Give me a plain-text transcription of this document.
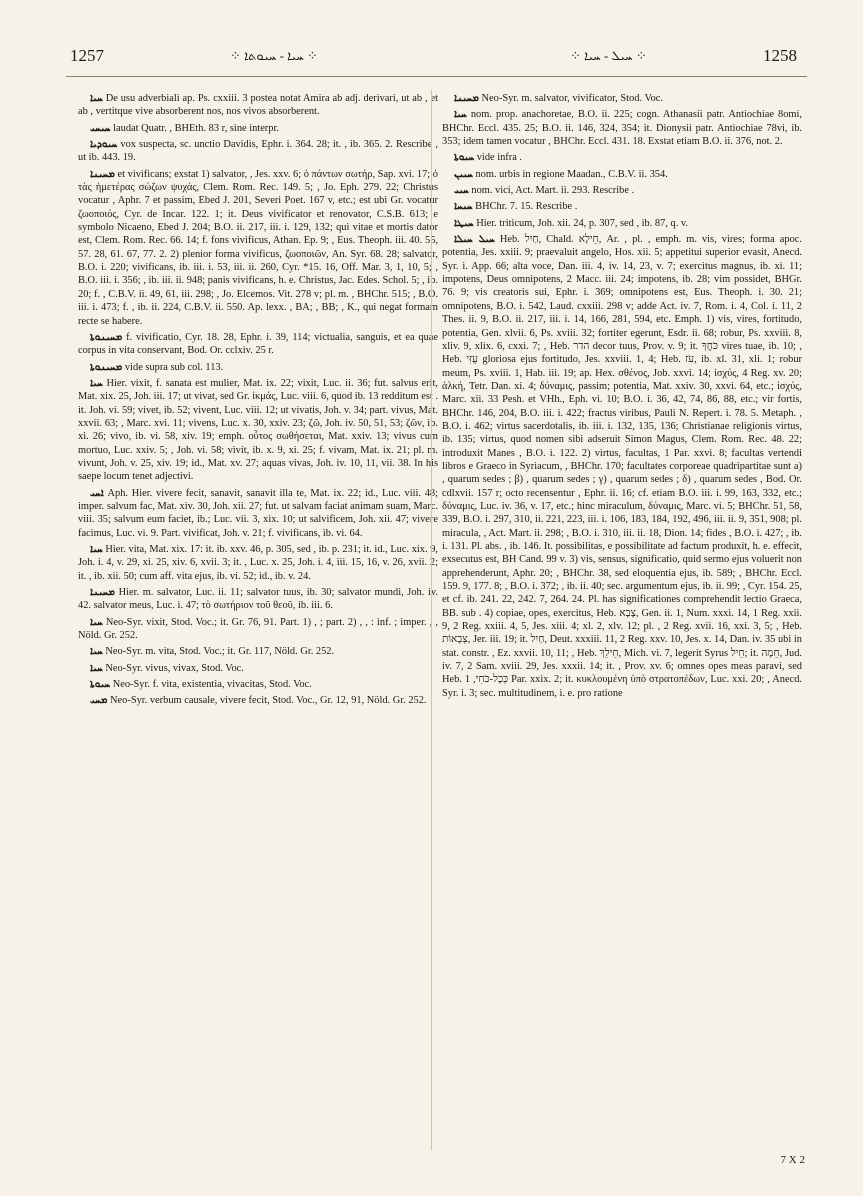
1257	⁘ ܚܝܐ - ܚܝܘܬܐ ⁘	⁘ ܚܝܠ - ܚܝܐ ⁘	1258

ܚܝܐ De usu adverbiali ap. Ps. cxxiii. 3 postea notat Amira ab adj. derivari, ut ab , et ab , vertitque vive absorberent nos, nos vivos absorberent.

ܚܝܚܝ laudat Quatr. , BHEth. 83 r, sine interpr.

ܚܝܘܕܝܐ vox suspecta, sc. unctio Davidis, Ephr. i. 364. 28; it. , ib. 365. 2. Rescribe , ut ib. 443. 19.

ܡܚܝܢܐ et vivificans; exstat 1) salvator, , Jes. xxv. 6; ὁ πάντων σωτήρ, Sap. xvi. 17; ὁ τὰς ἡμετέρας σώζων ψυχάς, Clem. Rom. Rec. 149. 5; , Jo. Eph. 279. 22; Christus vocatur , Aphr. 7 et passim, Ebed J. 201, Severi Poet. 167 v, etc.; est ubi Gr. vocatur ζωοποιός, Cyr. de Incar. 122. 1; it. Deus vivificator et renovator, C.S.B. 613; e symbolo Nicaeno, Ebed J. 204; B.O. ii. 217, iii. i. 129, 132; qui vitae et mortis dator est, Clem. Rom. Rec. 66. 14; f. fons vivificus, Athan. Ep. 9; , Eus. Theoph. iii. 40. 55, 57. 28, 61. 67, 77. 2. 2) plenior forma vivificus, ζωοποιῶν, An. Syr. 68. 28; salvator, B.O. i. 220; vivificans, ib. iii. i. 53, iii. ii. 260, Cyr. *15. 16, Off. Mar. 3, 1, 10, 5; , B.O. iii. i. 356; , ib. iii. ii. 948; panis vivificans, h. e. Christus, Jac. Edes. Schol. 5; , ib. 20; f. , C.B.V. ii. 49, 61, iii. 298; , Jo. Elcemos. Vit. 278 v; pl. m. , BHChr. 515; , B.O. iii. i. 473; f. , ib. ii. 224, C.B.V. ii. 550. Ap. lexx. , BA; , BB; , K., qui negat formam recte se habere.

ܡܚܝܢܘܬܐ f. vivificatio, Cyr. 18. 28, Ephr. i. 39, 114; victualia, sanguis, et ea quae corpus in vita conservant, Bod. Or. cclxiv. 25 r.

ܡܚܝܢܘܬܐ vide supra sub col. 113.

ܚܝܐ Hier. vixit, f. sanata est mulier, Mat. ix. 22; vixit, Luc. ii. 36; fut. salvus erit, Mat. xix. 25, Joh. iii. 17; ut vivat, sed Gr. ἰκμάς, Luc. viii. 6, quod ib. 13 redditum est . it. Joh. vi. 59; vivet, ib. 52; vivent, Luc. viii. 12; ut vivatis, Joh. v. 34; part. vivus, Mat. xxvii. 63; , Marc. xvi. 11; vivens, Luc. x. 30, xxiv. 23; ζῶ, Joh. iv. 50, 51, 53; ζῶν, ib. xi. 26; vivo, ib. vi. 58, xiv. 19; emph. οὗτος σωθήσεται, Mat. xxiv. 13; vivus cum mortuo, Luc. xxiv. 5; , Joh. vi. 58; vivit, ib. x. 9, xi. 25; f. vivam, Mat. ix. 21; pl. m. vivunt, Joh. v. 25, xiv. 19; id., Mat. xv. 27; aquas vivas, Joh. iv. 10, 11, vii. 38. In his saepe locum tenet adjectivi.

ܐܚܝ Aph. Hier. vivere fecit, sanavit, sanavit illa te, Mat. ix. 22; id., Luc. viii. 48; imper. salvum fac, Mat. xiv. 30, Joh. xii. 27; fut. ut salvam faciat animam suam, Marc. viii. 35; salvum eum faciet, ib.; Luc. vii. 3, xix. 10; ut salvificem, Joh. xii. 47; vivere facimus, Luc. vi. 9. Part. vivificat, Joh. v. 21; f. vivificans, ib. vi. 64.

ܚܝܐ Hier. vita, Mat. xix. 17: it. ib. xxv. 46, p. 305, sed , ib. p. 231; it. id., Luc. xix. 9, Joh. i. 4, v. 29, xi. 25, xiv. 6, xvii. 3; it. , Luc. x. 25, Joh. i. 4, iii. 15, 16, v. 26, xvii. 2; it. , ib. xii. 50; cum aff. vita ejus, ib. vi. 52; id., ib. v. 24.

ܡܚܝܢܐ Hier. m. salvator, Luc. ii. 11; salvator tuus, ib. 30; salvator mundi, Joh. iv. 42. salvator meus, Luc. i. 47; τὸ σωτήριον τοῦ θεοῦ, ib. iii. 6.

ܚܝܐ Neo-Syr. vixit, Stod. Voc.; it. Gr. 76, 91. Part. 1) , ; part. 2) , , : inf. ; imper. , , Nöld. Gr. 252.

ܚܝܐ Neo-Syr. m. vita, Stod. Voc.; it. Gr. 117, Nöld. Gr. 252.

ܚܝܐ Neo-Syr. vivus, vivax, Stod. Voc.

ܚܝܘܬܐ Neo-Syr. f. vita, existentia, vivacitas, Stod. Voc.

ܡܚܝ Neo-Syr. verbum causale, vivere fecit, Stod. Voc., Gr. 12, 91, Nöld. Gr. 252.

ܡܚܝܢܐ Neo-Syr. m. salvator, vivificator, Stod. Voc.

ܚܝܐ nom. prop. anachoretae, B.O. ii. 225; cogn. Athanasii patr. Antiochiae 8omi, BHChr. Eccl. 435. 25; B.O. ii. 146, 324, 354; it. Dionysii patr. Antiochiae 78vi, ib. 353; idem tamen vocatur , BHChr. Eccl. 431. 18. Exstat etiam B.O. ii. 376, not. 2.

ܚܝܘܬܐ vide infra .

ܚܝܝܢ nom. urbis in regione Maadan., C.B.V. ii. 354.

ܚܝܝ nom. vici, Act. Mart. ii. 293. Rescribe .

ܚܝܚܐ BHChr. 7. 15. Rescribe .

ܚܝܛܐ Hier. triticum, Joh. xii. 24, p. 307, sed , ib. 87, q. v.

ܚܝܠ ܚܝܠܐ Heb. חַיִל, Chald. חֵילָא, Ar. , pl. , emph. m. vis, vires; forma apoc. potentia, Jes. xxiii. 9; praevaluit angelo, Hos. xii. 5; appetitui superior evasit, Anecd. Syr. i. App. 66; alta voce, Dan. iii. 4, iv. 14, 23, v. 7; exercitus magnus, ib. xi. 11; impotens, Deus omnipotens, 2 Macc. iii. 24; impotens, ib. 28; vim possidet, BHGr. 76. 9; vis creatoris sui, Ephr. i. 369; omnipotens est, Eus. Theoph. i. 30. 21; omnipotens, B.O. i. 542, Laud. cxxiii. 298 v; adde Act. iv. 7, Rom. i. 4, Col. i. 11, 2 Thes. ii. 9, B.O. ii. 217, iii. i. 14, 166, 281, 594, etc. Emph. 1) vis, vires, fortitudo, potentia, Gen. xlvii. 6, Ps. xviii. 32; fortiter egerunt, Esdr. ii. 68; robur, Ps. xxviii. 8, xliv. 9, xlix. 6, cxxi. 7; , Heb. הדר decor tuus, Prov. v. 9; it. כֹּחֲךָ vires tuae, ib. 10; , Heb. עֻזִּי gloriosa ejus fortitudo, Jes. xxviii. 1, 4; Heb. עֹז, ib. xl. 31, xli. 1; robur meum, Ps. xviii. 1, Hab. iii. 19; ap. Hex. σθένος, Job. xxvi. 14; ἰσχύς, 4 Reg. xv. 20; ἀλκή, Tetr. Dan. xi. 4; δύναμις, passim; potentia, Mat. xxiv. 30, xxvi. 64, etc.; ἰσχύς, Marc. xii. 33 Pesh. et VHh., Eph. vi. 10; B.O. i. 36, 42, 74, 86, 88, etc.; vir fortis, BHChr. 146, 204, B.O. iii. i. 422; fractus viribus, Pauli N. Repert. i. 78. 5. Metaph. , B.O. i. 462; virtus sacerdotalis, ib. iii. i. 132, 135, 136; Christianae religionis virtus, ib. 135; virtus, quod nomen sibi adseruit Simon Magus, Clem. Rom. Rec. 48. 22; introduxit Manes , B.O. i. 122. 2) virtus, facultas, 1 Par. xxvi. 8; facultas vertendi libros e Graeco in Syriacum, , BHChr. 170; facultates corporeae quadripartitae sunt a) , quarum sedes ; β) , quarum sedes ; γ) , quarum sedes ; δ) , quarum sedes , Bod. Or. cdlxvii. 157 r; octo recensentur , Ephr. ii. 16; cf. etiam B.O. iii. i. 99, 163, 332, etc.; δύναμις, Luc. iv. 36, v. 17, etc.; hinc miraculum, δύναμις, Marc. vi. 5; BHChr. 51, 58, 339, B.O. i. 297, 310, ii. 221, 223, iii. i. 106, 183, 184, 192, 496, iii. ii. 9, 351, 908; pl. miracula, , Act. Mart. ii. 298; , B.O. i. 310, iii. ii. 18, Dion. 14; fides , B.O. i. 427; , ib. i. 131. Pl. abs. , ib. 146. It. possibilitas, e possibilitate ad factum produxit, h. e. effecit, exsecutus est, BH Cand. 99 v. 3) vis, sensus, significatio, quid sermo ejus voluerit non apprehenderunt, Aphr. 20; , BHChr. 38, sed eloquentia ejus, ib. 589; , BHChr. Eccl. 159. 9, 177. 8; , B.O. i. 372; , ib. ii. 40; sec. argumentum ejus, ib. ii. 99; , Cyr. 154. 25, et cf. ib. 241. 22, 242. 7, 264. 24. Pl. has significationes comprehendit lectio Graeca, BB. sub . 4) copiae, opes, exercitus, Heb. צָבָא, Gen. ii. 1, Num. xxxi. 14, 1 Reg. xxii. 9, 2 Reg. xxiii. 4, 5, Jes. xiii. 4; xl. 2, xlv. 12; pl. , 2 Reg. xvii. 16, xxi. 3, 5; , Heb. צְבָאוֹת, Jer. iii. 19; it. חַיִל, Deut. xxxiii. 11, 2 Reg. xxv. 10, Jes. x. 14, Dan. iv. 35 ubi in stat. constr. , Ez. xxvii. 10, 11; , Heb. חֵילֵךְ, Mich. vi. 7, legerit Syrus חֵיל; it. חֵמָה, Jud. iv. 7, 2 Sam. xviii. 29, Jes. xxxii. 14; it. , Prov. xv. 6; omnes opes meas paravi, sed Heb. כְּכָל-כֹּחִי, 1 Par. xxix. 2; it. κυκλουμένη ὑπὸ στρατοπέδων, Luc. xxi. 20; , Anecd. Syr. i. 3; sec. multitudinem, i. e. pro ratione

7 X 2
